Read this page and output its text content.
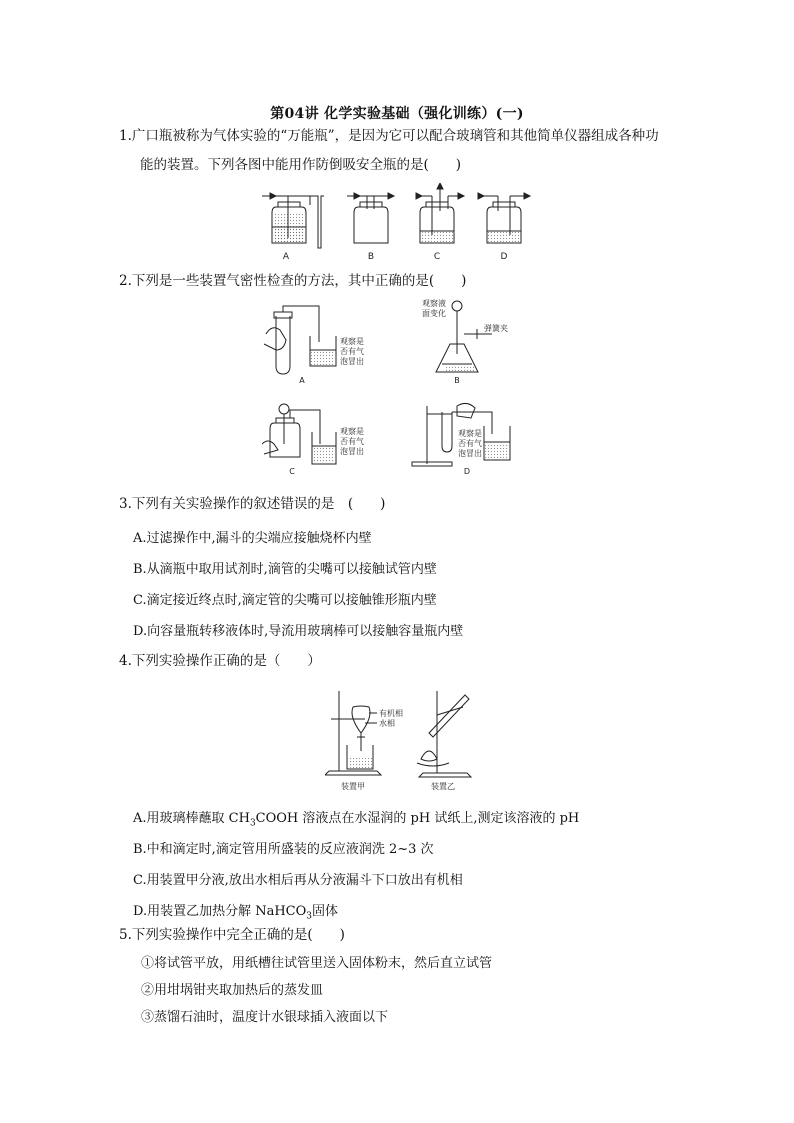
第04讲 化学实验基础（强化训练）(一)
1.广口瓶被称为气体实验的“万能瓶”，是因为它可以配合玻璃管和其他简单仪器组成各种功
能的装置。下列各图中能用作防倒吸安全瓶的是(　　)
A	B	C	D
2.下列是一些装置气密性检查的方法，其中正确的是(　　)
观察是
否有气
泡冒出
A
观察液
面变化
弹簧夹
B
观察是
否有气
泡冒出
C
观察是
否有气
泡冒出
D
3.下列有关实验操作的叙述错误的是　(　　)
A.过滤操作中,漏斗的尖端应接触烧杯内壁
B.从滴瓶中取用试剂时,滴管的尖嘴可以接触试管内壁
C.滴定接近终点时,滴定管的尖嘴可以接触锥形瓶内壁
D.向容量瓶转移液体时,导流用玻璃棒可以接触容量瓶内壁
4.下列实验操作正确的是（　　）
有机相
水相
装置甲	装置乙
A.用玻璃棒蘸取 $CH_3COOH$ 溶液点在水湿润的 pH 试纸上,测定该溶液的 pH
B.中和滴定时,滴定管用所盛装的反应液润洗 2~3 次
C.用装置甲分液,放出水相后再从分液漏斗下口放出有机相
D.用装置乙加热分解 NaHCO$_3$固体
5.下列实验操作中完全正确的是(　　)
①将试管平放，用纸槽往试管里送入固体粉末，然后直立试管
②用坩埚钳夹取加热后的蒸发皿
③蒸馏石油时，温度计水银球插入液面以下
